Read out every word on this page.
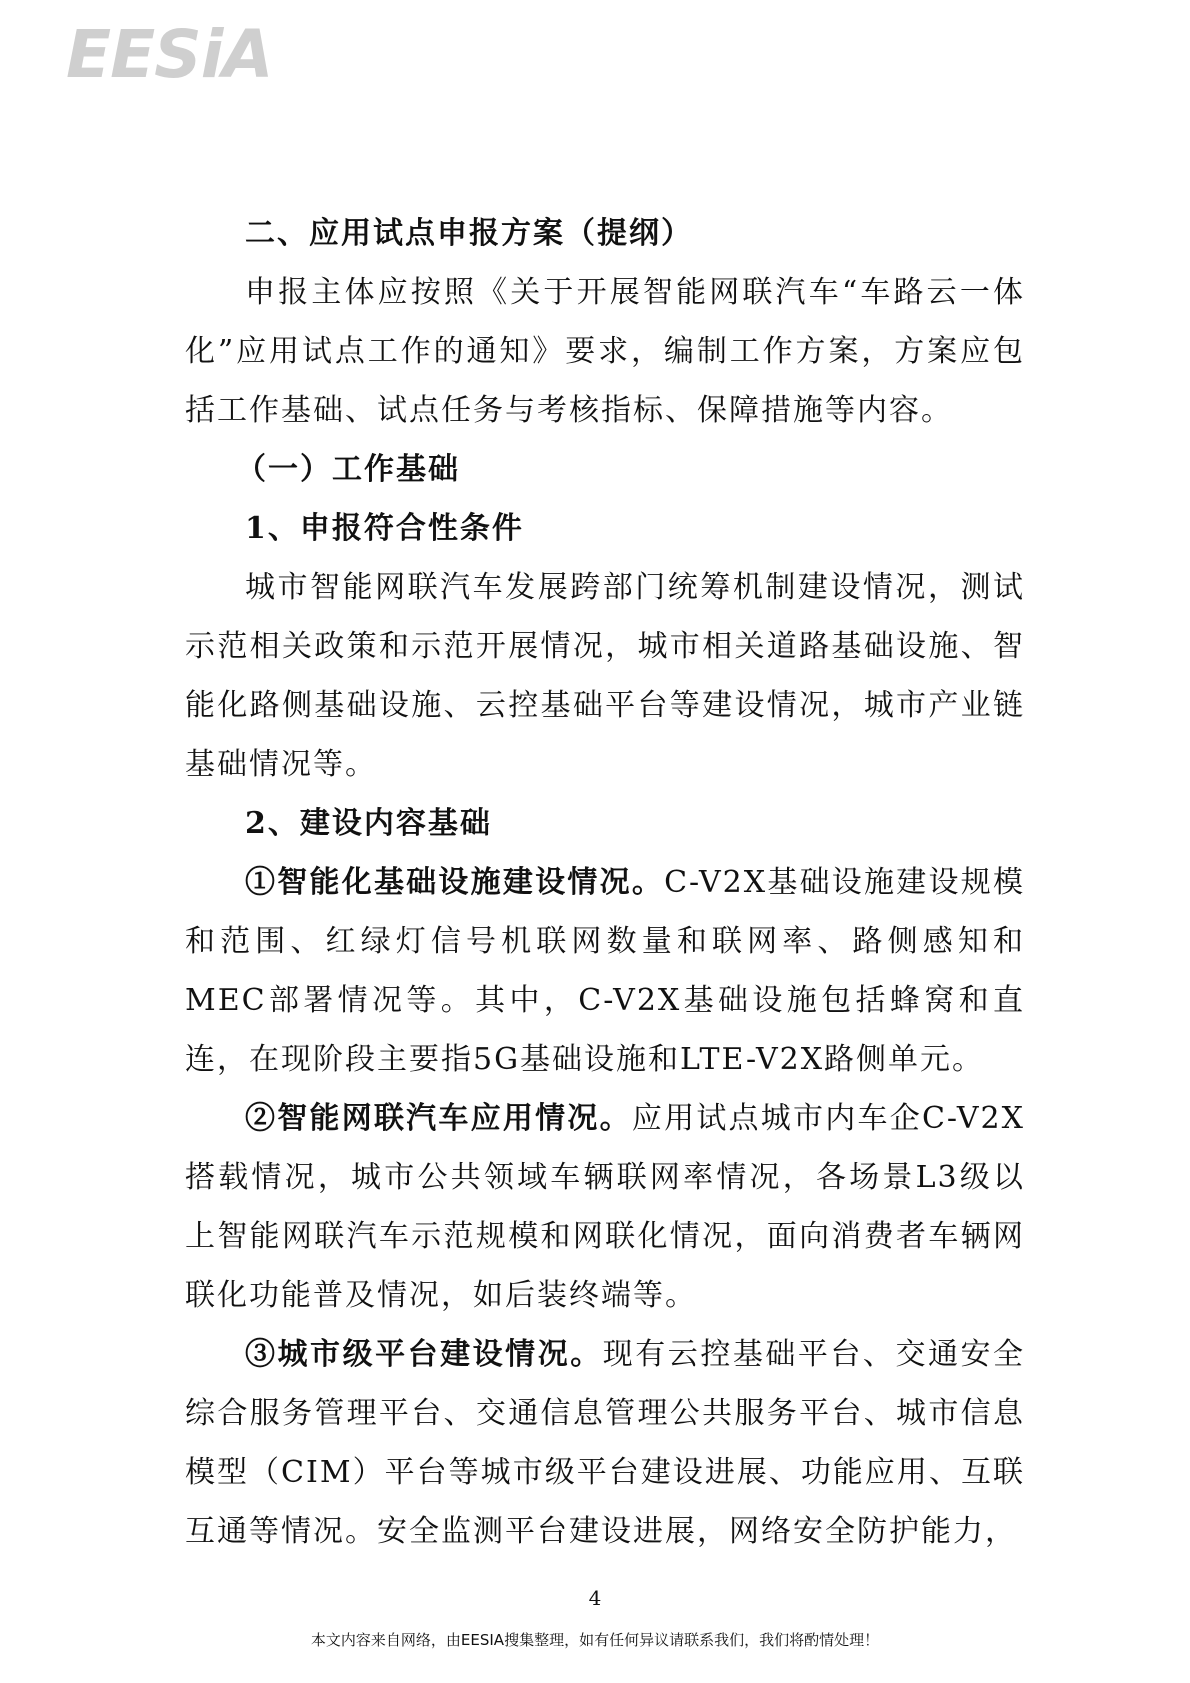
EESiA
二、应用试点申报方案（提纲）

申报主体应按照《关于开展智能网联汽车“车路云一体化”应用试点工作的通知》要求，编制工作方案，方案应包括工作基础、试点任务与考核指标、保障措施等内容。

（一）工作基础
1、申报符合性条件

城市智能网联汽车发展跨部门统筹机制建设情况，测试示范相关政策和示范开展情况，城市相关道路基础设施、智能化路侧基础设施、云控基础平台等建设情况，城市产业链基础情况等。

2、建设内容基础

①智能化基础设施建设情况。C-V2X基础设施建设规模和范围、红绿灯信号机联网数量和联网率、路侧感知和MEC部署情况等。其中，C-V2X基础设施包括蜂窝和直连，在现阶段主要指5G基础设施和LTE-V2X路侧单元。

②智能网联汽车应用情况。应用试点城市内车企C-V2X搭载情况，城市公共领域车辆联网率情况，各场景L3级以上智能网联汽车示范规模和网联化情况，面向消费者车辆网联化功能普及情况，如后装终端等。

③城市级平台建设情况。现有云控基础平台、交通安全综合服务管理平台、交通信息管理公共服务平台、城市信息模型（CIM）平台等城市级平台建设进展、功能应用、互联互通等情况。安全监测平台建设进展，网络安全防护能力，

4
本文内容来自网络，由EESIA搜集整理，如有任何异议请联系我们，我们将酌情处理！
